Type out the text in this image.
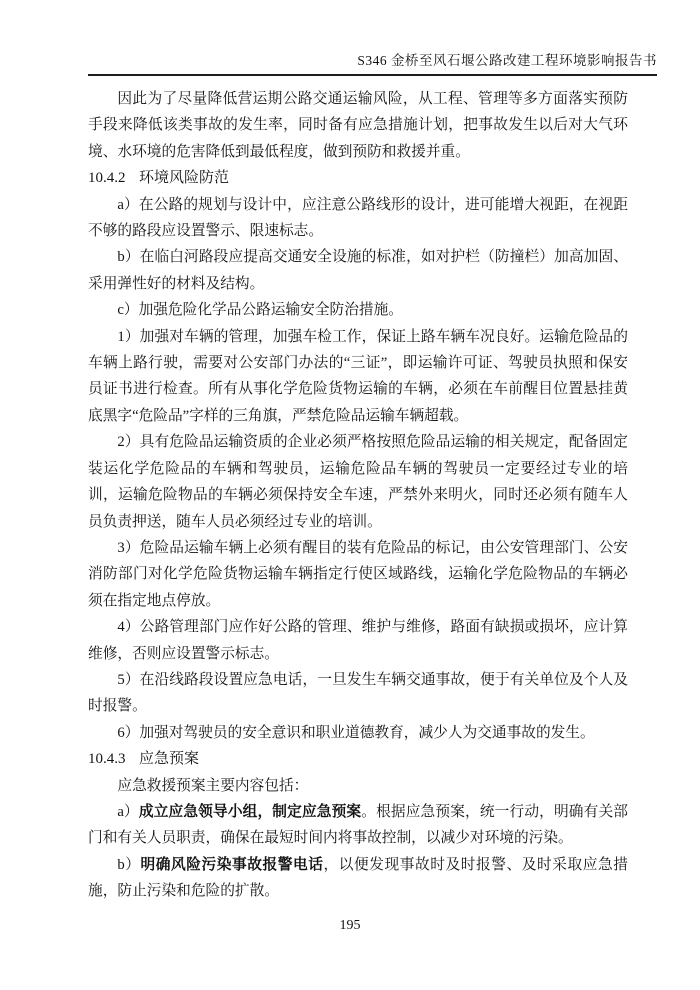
S346 金桥至风石堰公路改建工程环境影响报告书

因此为了尽量降低营运期公路交通运输风险，从工程、管理等多方面落实预防手段来降低该类事故的发生率，同时备有应急措施计划，把事故发生以后对大气环境、水环境的危害降低到最低程度，做到预防和救援并重。

10.4.2 环境风险防范

a）在公路的规划与设计中，应注意公路线形的设计，进可能增大视距，在视距不够的路段应设置警示、限速标志。

b）在临白河路段应提高交通安全设施的标准，如对护栏（防撞栏）加高加固、采用弹性好的材料及结构。

c）加强危险化学品公路运输安全防治措施。

1）加强对车辆的管理，加强车检工作，保证上路车辆车况良好。运输危险品的车辆上路行驶，需要对公安部门办法的“三证”，即运输许可证、驾驶员执照和保安员证书进行检查。所有从事化学危险货物运输的车辆，必须在车前醒目位置悬挂黄底黑字“危险品”字样的三角旗，严禁危险品运输车辆超载。

2）具有危险品运输资质的企业必须严格按照危险品运输的相关规定，配备固定装运化学危险品的车辆和驾驶员，运输危险品车辆的驾驶员一定要经过专业的培训，运输危险物品的车辆必须保持安全车速，严禁外来明火，同时还必须有随车人员负责押送，随车人员必须经过专业的培训。

3）危险品运输车辆上必须有醒目的装有危险品的标记，由公安管理部门、公安消防部门对化学危险货物运输车辆指定行使区域路线，运输化学危险物品的车辆必须在指定地点停放。

4）公路管理部门应作好公路的管理、维护与维修，路面有缺损或损坏，应计算维修，否则应设置警示标志。

5）在沿线路段设置应急电话，一旦发生车辆交通事故，便于有关单位及个人及时报警。

6）加强对驾驶员的安全意识和职业道德教育，减少人为交通事故的发生。

10.4.3 应急预案

应急救援预案主要内容包括：

a）成立应急领导小组，制定应急预案。根据应急预案，统一行动，明确有关部门和有关人员职责，确保在最短时间内将事故控制，以减少对环境的污染。

b）明确风险污染事故报警电话，以便发现事故时及时报警、及时采取应急措施，防止污染和危险的扩散。

195
